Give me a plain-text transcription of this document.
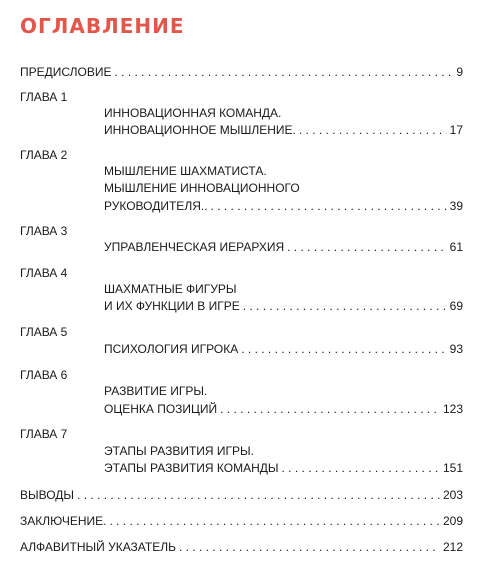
ОГЛАВЛЕНИЕ
ПРЕДИСЛОВИЕ . . .	9
ГЛАВА 1
ИННОВАЦИОННАЯ КОМАНДА.
ИННОВАЦИОННОЕ МЫШЛЕНИЕ. . . .	17
ГЛАВА 2
МЫШЛЕНИЕ ШАХМАТИСТА.
МЫШЛЕНИЕ ИННОВАЦИОННОГО
РУКОВОДИТЕЛЯ.. . . .	39
ГЛАВА 3
УПРАВЛЕНЧЕСКАЯ ИЕРАРХИЯ . . .	61
ГЛАВА 4
ШАХМАТНЫЕ ФИГУРЫ
И ИХ ФУНКЦИИ В ИГРЕ . . .	69
ГЛАВА 5
ПСИХОЛОГИЯ ИГРОКА . . .	93
ГЛАВА 6
РАЗВИТИЕ ИГРЫ.
ОЦЕНКА ПОЗИЦИЙ . . .	123
ГЛАВА 7
ЭТАПЫ РАЗВИТИЯ ИГРЫ.
ЭТАПЫ РАЗВИТИЯ КОМАНДЫ . . .	151
ВЫВОДЫ . . .	203
ЗАКЛЮЧЕНИЕ. . . .	209
АЛФАВИТНЫЙ УКАЗАТЕЛЬ . . .	212
